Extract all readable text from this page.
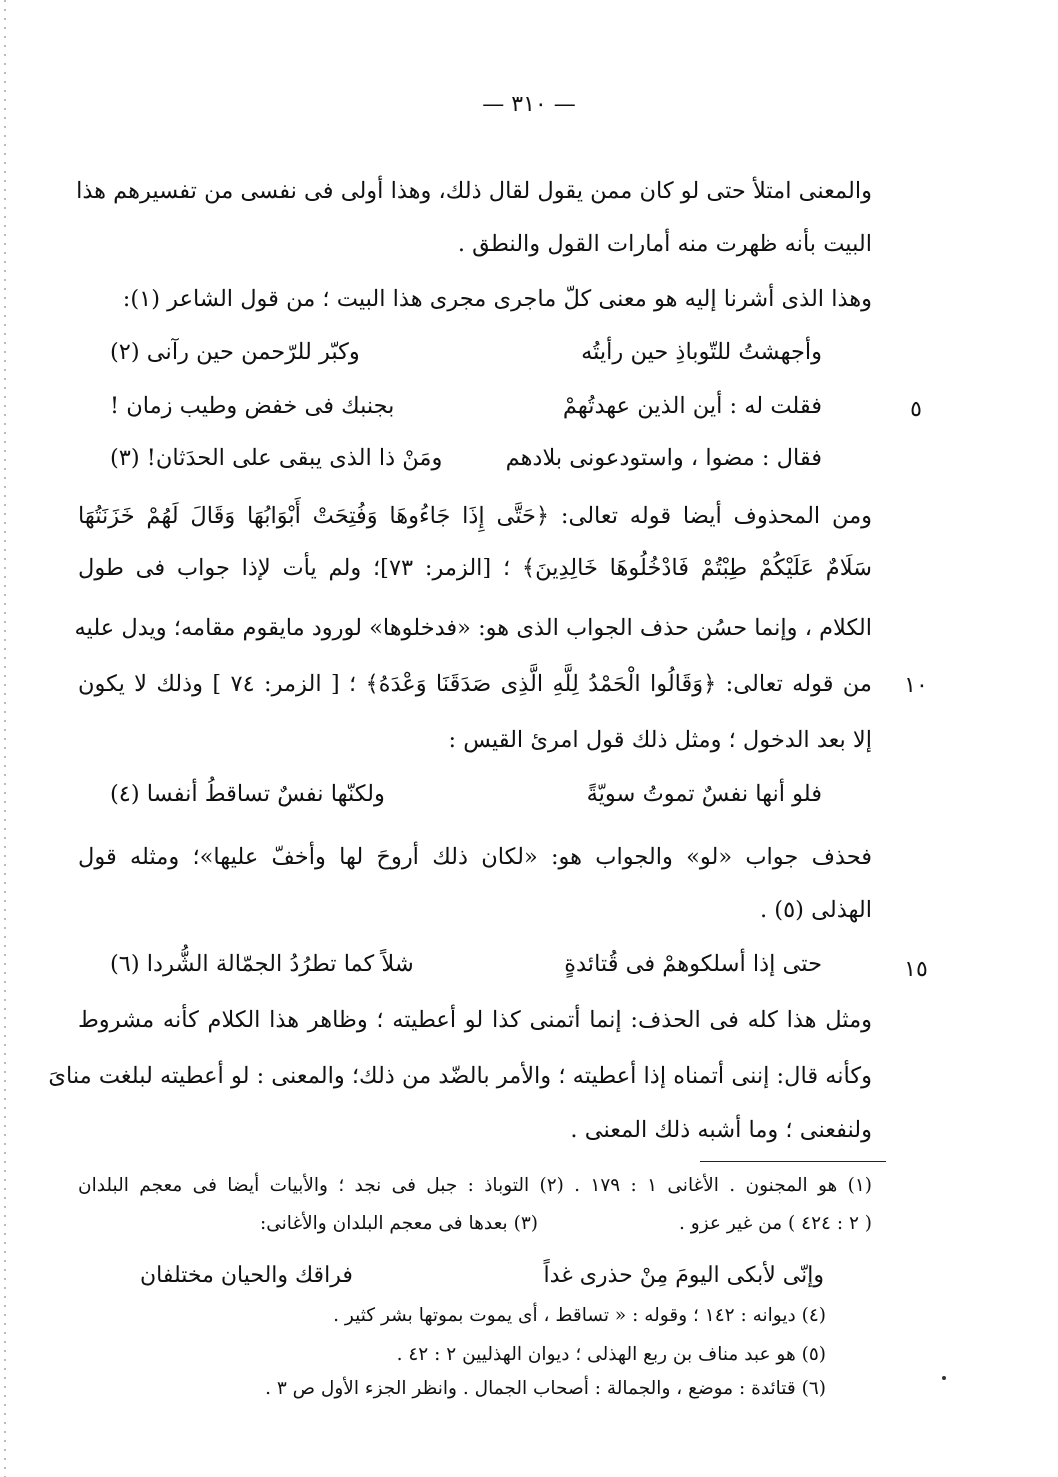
— ٣١٠ —
والمعنى امتلأ حتى لو كان ممن يقول لقال ذلك، وهذا أولى فى نفسى من تفسيرهم هذا
البيت بأنه ظهرت منه أمارات القول والنطق .
وهذا الذى أشرنا إليه هو معنى كلّ ماجرى مجرى هذا البيت ؛ من قول الشاعر (١):
وأجهشتُ للتّوباذِ حين رأيتُه
وكبّر للرّحمن حين رآنى (٢)
فقلت له : أين الذين عهدتُهمْ
بجنبك فى خفض وطيب زمان !	٥
فقال : مضوا ، واستودعونى بلادهم
ومَنْ ذا الذى يبقى على الحدَثان! (٣)
ومن المحذوف أيضا قوله تعالى: ﴿حَتَّى إِذَا جَاءُوهَا وَفُتِحَتْ أَبْوَابُهَا وَقَالَ لَهُمْ خَزَنَتُهَا
سَلَامٌ عَلَيْكُمْ طِبْتُمْ فَادْخُلُوهَا خَالِدِينَ﴾ ؛ [الزمر: ٧٣]؛ ولم يأت لإذا جواب فى طول
الكلام ، وإنما حسُن حذف الجواب الذى هو: «فدخلوها» لورود مايقوم مقامه؛ ويدل عليه
من قوله تعالى: ﴿وَقَالُوا الْحَمْدُ لِلَّهِ الَّذِى صَدَقَنَا وَعْدَهُ﴾ ؛ [ الزمر: ٧٤ ] وذلك لا يكون	١٠
إلا بعد الدخول ؛ ومثل ذلك قول امرئ القيس :
فلو أنها نفسٌ تموتُ سويّةً
ولكنّها نفسٌ تساقطُ أنفسا (٤)
فحذف جواب «لو» والجواب هو: «لكان ذلك أروحَ لها وأخفّ عليها»؛ ومثله قول
الهذلى (٥) .
حتى إذا أسلكوهمْ فى قُتائدةٍ
شلاً كما تطرُدُ الجمّالة الشُّردا (٦)	١٥
ومثل هذا كله فى الحذف: إنما أتمنى كذا لو أعطيته ؛ وظاهر هذا الكلام كأنه مشروط
وكأنه قال: إننى أتمناه إذا أعطيته ؛ والأمر بالضّد من ذلك؛ والمعنى : لو أعطيته لبلغت مناىَ
ولنفعنى ؛ وما أشبه ذلك المعنى .
(١) هو المجنون . الأغانى ١ : ١٧٩ . (٢) التوباذ : جبل فى نجد ؛ والأبيات أيضا فى معجم البلدان
( ٢ : ٤٢٤ ) من غير عزو .
(٣) بعدها فى معجم البلدان والأغانى:
وإنّى لأبكى اليومَ مِنْ حذرى غداً
فراقك والحيان مختلفان
(٤) ديوانه : ١٤٢ ؛ وقوله : « تساقط ، أى يموت بموتها بشر كثير .
(٥) هو عبد مناف بن ربع الهذلى ؛ ديوان الهذليين ٢ : ٤٢ .
(٦) قتائدة : موضع ، والجمالة : أصحاب الجمال . وانظر الجزء الأول ص ٣ .
